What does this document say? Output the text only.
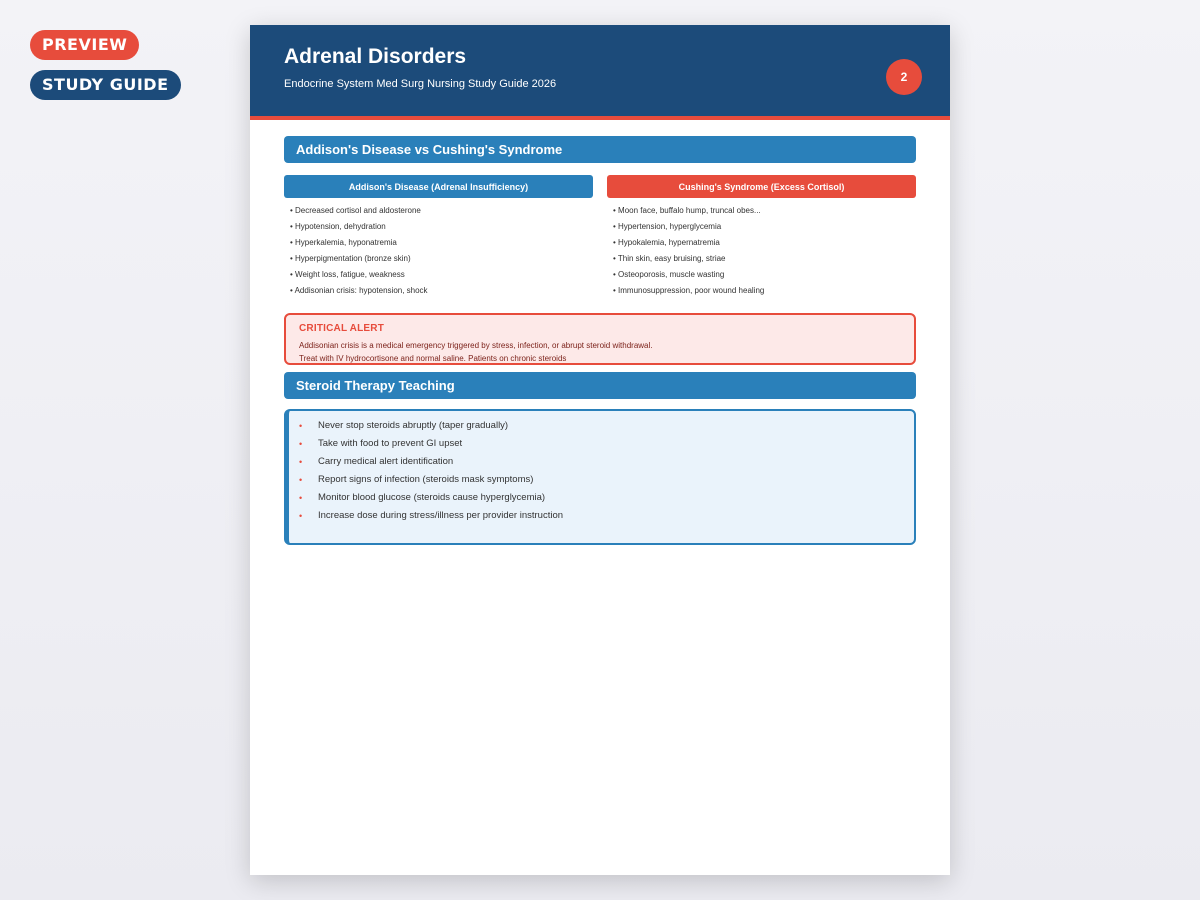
PREVIEW
STUDY GUIDE
Adrenal Disorders
Endocrine System Med Surg Nursing Study Guide 2026	2
Addison's Disease vs Cushing's Syndrome
Addison's Disease (Adrenal Insufficiency)	Cushing's Syndrome (Excess Cortisol)
• Decreased cortisol and aldosterone
• Hypotension, dehydration
• Hyperkalemia, hyponatremia
• Hyperpigmentation (bronze skin)
• Weight loss, fatigue, weakness
• Addisonian crisis: hypotension, shock
• Moon face, buffalo hump, truncal obes...
• Hypertension, hyperglycemia
• Hypokalemia, hypernatremia
• Thin skin, easy bruising, striae
• Osteoporosis, muscle wasting
• Immunosuppression, poor wound healing
CRITICAL ALERT
Addisonian crisis is a medical emergency triggered by stress, infection, or abrupt steroid withdrawal. Treat with IV hydrocortisone and normal saline. Patients on chronic steroids
Steroid Therapy Teaching
• Never stop steroids abruptly (taper gradually)
• Take with food to prevent GI upset
• Carry medical alert identification
• Report signs of infection (steroids mask symptoms)
• Monitor blood glucose (steroids cause hyperglycemia)
• Increase dose during stress/illness per provider instruction
